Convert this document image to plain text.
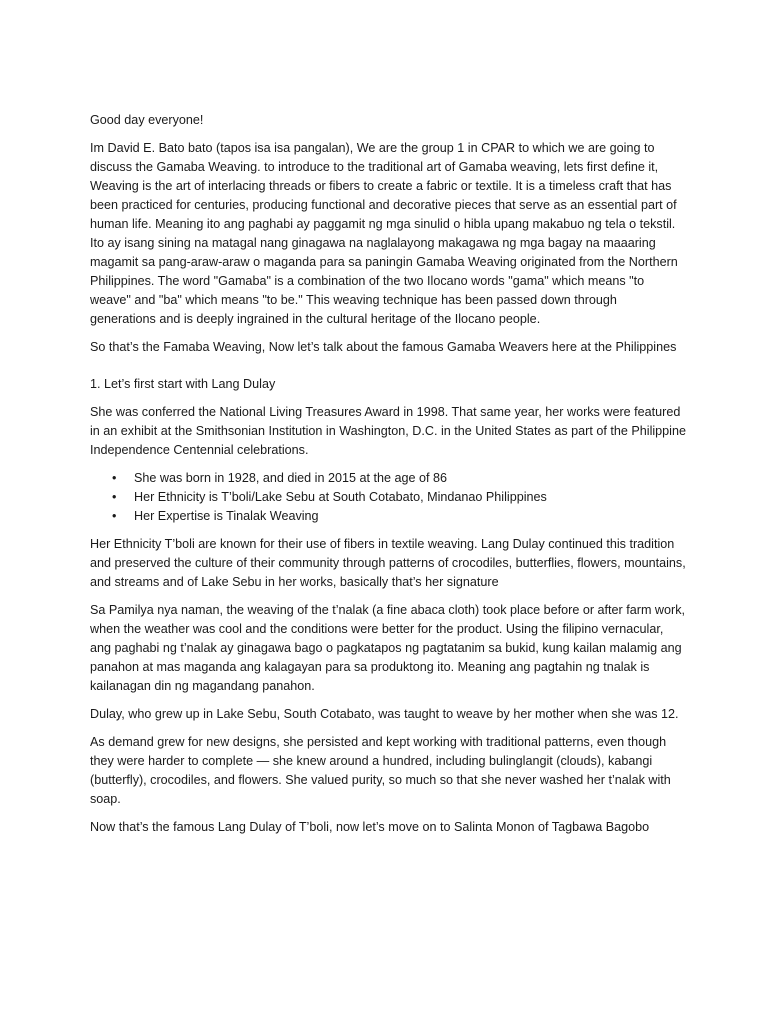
Good day everyone!

Im David E. Bato bato (tapos isa isa pangalan), We are the group 1 in CPAR to which we are going to discuss the Gamaba Weaving. to introduce to the traditional art of Gamaba weaving, lets first define it, Weaving is the art of interlacing threads or fibers to create a fabric or textile. It is a timeless craft that has been practiced for centuries, producing functional and decorative pieces that serve as an essential part of human life. Meaning ito ang paghabi ay paggamit ng mga sinulid o hibla upang makabuo ng tela o tekstil. Ito ay isang sining na matagal nang ginagawa na naglalayong makagawa ng mga bagay na maaaring magamit sa pang-araw-araw o maganda para sa paningin Gamaba Weaving originated from the Northern Philippines. The word "Gamaba" is a combination of the two Ilocano words "gama" which means "to weave" and "ba" which means "to be." This weaving technique has been passed down through generations and is deeply ingrained in the cultural heritage of the Ilocano people.

So that’s the Famaba Weaving, Now let’s talk about the famous Gamaba Weavers here at the Philippines

1. Let’s first start with Lang Dulay

She was conferred the National Living Treasures Award in 1998. That same year, her works were featured in an exhibit at the Smithsonian Institution in Washington, D.C. in the United States as part of the Philippine Independence Centennial celebrations.

• She was born in 1928, and died in 2015 at the age of 86
• Her Ethnicity is T’boli/Lake Sebu at South Cotabato, Mindanao Philippines
• Her Expertise is Tinalak Weaving

Her Ethnicity T’boli are known for their use of fibers in textile weaving. Lang Dulay continued this tradition and preserved the culture of their community through patterns of crocodiles, butterflies, flowers, mountains, and streams and of Lake Sebu in her works, basically that’s her signature

Sa Pamilya nya naman, the weaving of the t’nalak (a fine abaca cloth) took place before or after farm work, when the weather was cool and the conditions were better for the product. Using the filipino vernacular, ang paghabi ng t’nalak ay ginagawa bago o pagkatapos ng pagtatanim sa bukid, kung kailan malamig ang panahon at mas maganda ang kalagayan para sa produktong ito. Meaning ang pagtahin ng tnalak is kailanagan din ng magandang panahon.

Dulay, who grew up in Lake Sebu, South Cotabato, was taught to weave by her mother when she was 12.

As demand grew for new designs, she persisted and kept working with traditional patterns, even though they were harder to complete — she knew around a hundred, including bulinglangit (clouds), kabangi (butterfly), crocodiles, and flowers. She valued purity, so much so that she never washed her t’nalak with soap.

Now that’s the famous Lang Dulay of T’boli, now let’s move on to Salinta Monon of Tagbawa Bagobo
